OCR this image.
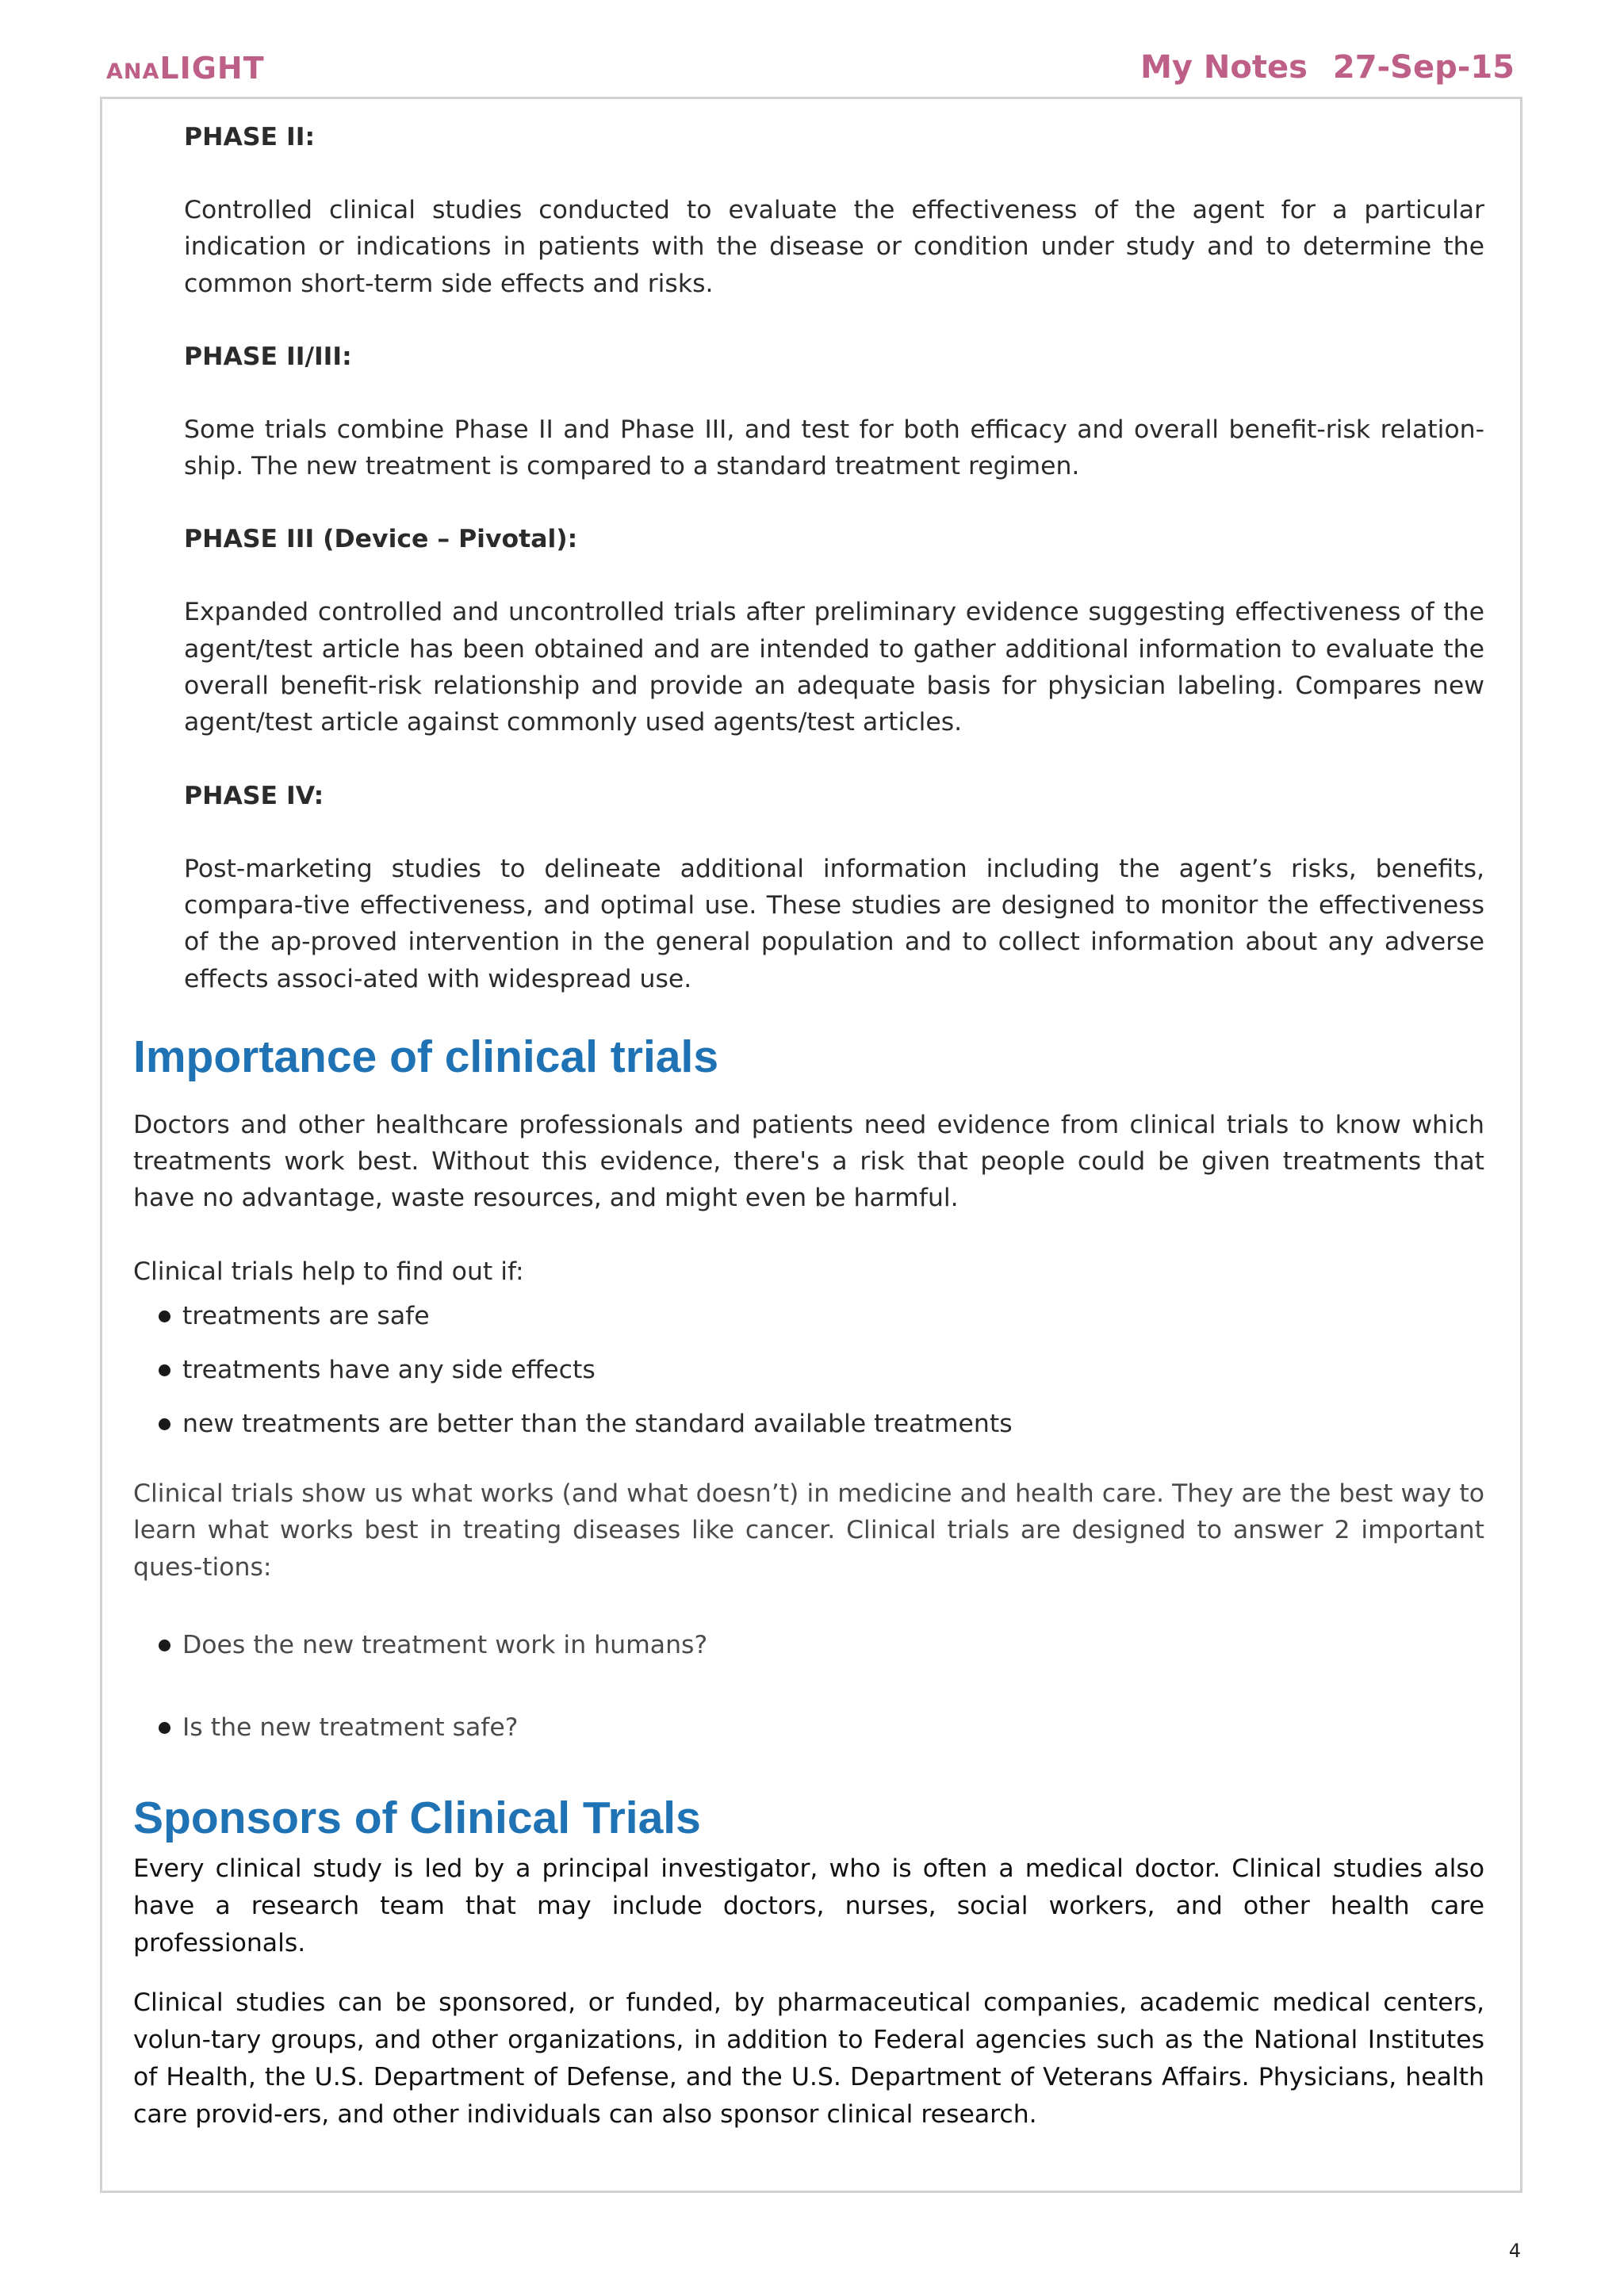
ANALIGHT	My Notes 27-Sep-15
PHASE II:

Controlled clinical studies conducted to evaluate the effectiveness of the agent for a particular indication or indications in patients with the disease or condition under study and to determine the common short-term side effects and risks.

PHASE II/III:

Some trials combine Phase II and Phase III, and test for both efficacy and overall benefit-risk relation-ship. The new treatment is compared to a standard treatment regimen.

PHASE III (Device – Pivotal):

Expanded controlled and uncontrolled trials after preliminary evidence suggesting effectiveness of the agent/test article has been obtained and are intended to gather additional information to evaluate the overall benefit-risk relationship and provide an adequate basis for physician labeling. Compares new agent/test article against commonly used agents/test articles.

PHASE IV:

Post-marketing studies to delineate additional information including the agent’s risks, benefits, compara-tive effectiveness, and optimal use. These studies are designed to monitor the effectiveness of the ap-proved intervention in the general population and to collect information about any adverse effects associ-ated with widespread use.

Importance of clinical trials

Doctors and other healthcare professionals and patients need evidence from clinical trials to know which treatments work best. Without this evidence, there's a risk that people could be given treatments that have no advantage, waste resources, and might even be harmful.

Clinical trials help to find out if:

treatments are safe
treatments have any side effects
new treatments are better than the standard available treatments

Clinical trials show us what works (and what doesn’t) in medicine and health care. They are the best way to learn what works best in treating diseases like cancer. Clinical trials are designed to answer 2 important ques-tions:

Does the new treatment work in humans?
Is the new treatment safe?
Sponsors of Clinical Trials

Every clinical study is led by a principal investigator, who is often a medical doctor. Clinical studies also have a research team that may include doctors, nurses, social workers, and other health care professionals.

Clinical studies can be sponsored, or funded, by pharmaceutical companies, academic medical centers, volun-tary groups, and other organizations, in addition to Federal agencies such as the National Institutes of Health, the U.S. Department of Defense, and the U.S. Department of Veterans Affairs. Physicians, health care provid-ers, and other individuals can also sponsor clinical research.

4
